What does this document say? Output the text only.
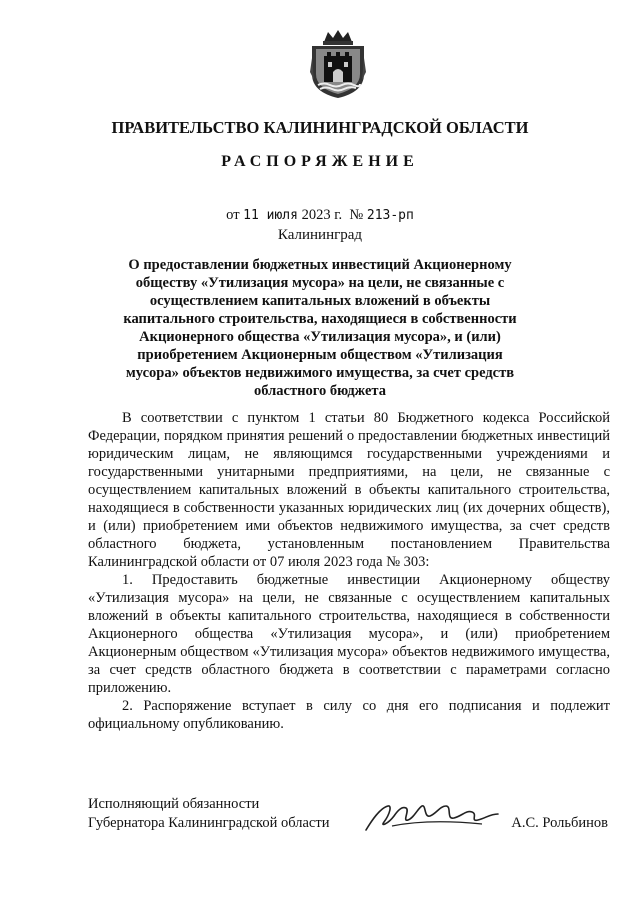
ПРАВИТЕЛЬСТВО КАЛИНИНГРАДСКОЙ ОБЛАСТИ
РАСПОРЯЖЕНИЕ
от 11 июля 2023 г. № 213-рп
Калининград
О предоставлении бюджетных инвестиций Акционерному обществу «Утилизация мусора» на цели, не связанные с осуществлением капитальных вложений в объекты капитального строительства, находящиеся в собственности Акционерного общества «Утилизация мусора», и (или) приобретением Акционерным обществом «Утилизация мусора» объектов недвижимого имущества, за счет средств областного бюджета

В соответствии с пунктом 1 статьи 80 Бюджетного кодекса Российской Федерации, порядком принятия решений о предоставлении бюджетных инвестиций юридическим лицам, не являющимся государственными учреждениями и государственными унитарными предприятиями, на цели, не связанные с осуществлением капитальных вложений в объекты капитального строительства, находящиеся в собственности указанных юридических лиц (их дочерних обществ), и (или) приобретением ими объектов недвижимого имущества, за счет средств областного бюджета, установленным постановлением Правительства Калининградской области от 07 июля 2023 года № 303:

1. Предоставить бюджетные инвестиции Акционерному обществу «Утилизация мусора» на цели, не связанные с осуществлением капитальных вложений в объекты капитального строительства, находящиеся в собственности Акционерного общества «Утилизация мусора», и (или) приобретением Акционерным обществом «Утилизация мусора» объектов недвижимого имущества, за счет средств областного бюджета в соответствии с параметрами согласно приложению.

2. Распоряжение вступает в силу со дня его подписания и подлежит официальному опубликованию.

Исполняющий обязанности
Губернатора Калининградской области	А.С. Рольбинов
